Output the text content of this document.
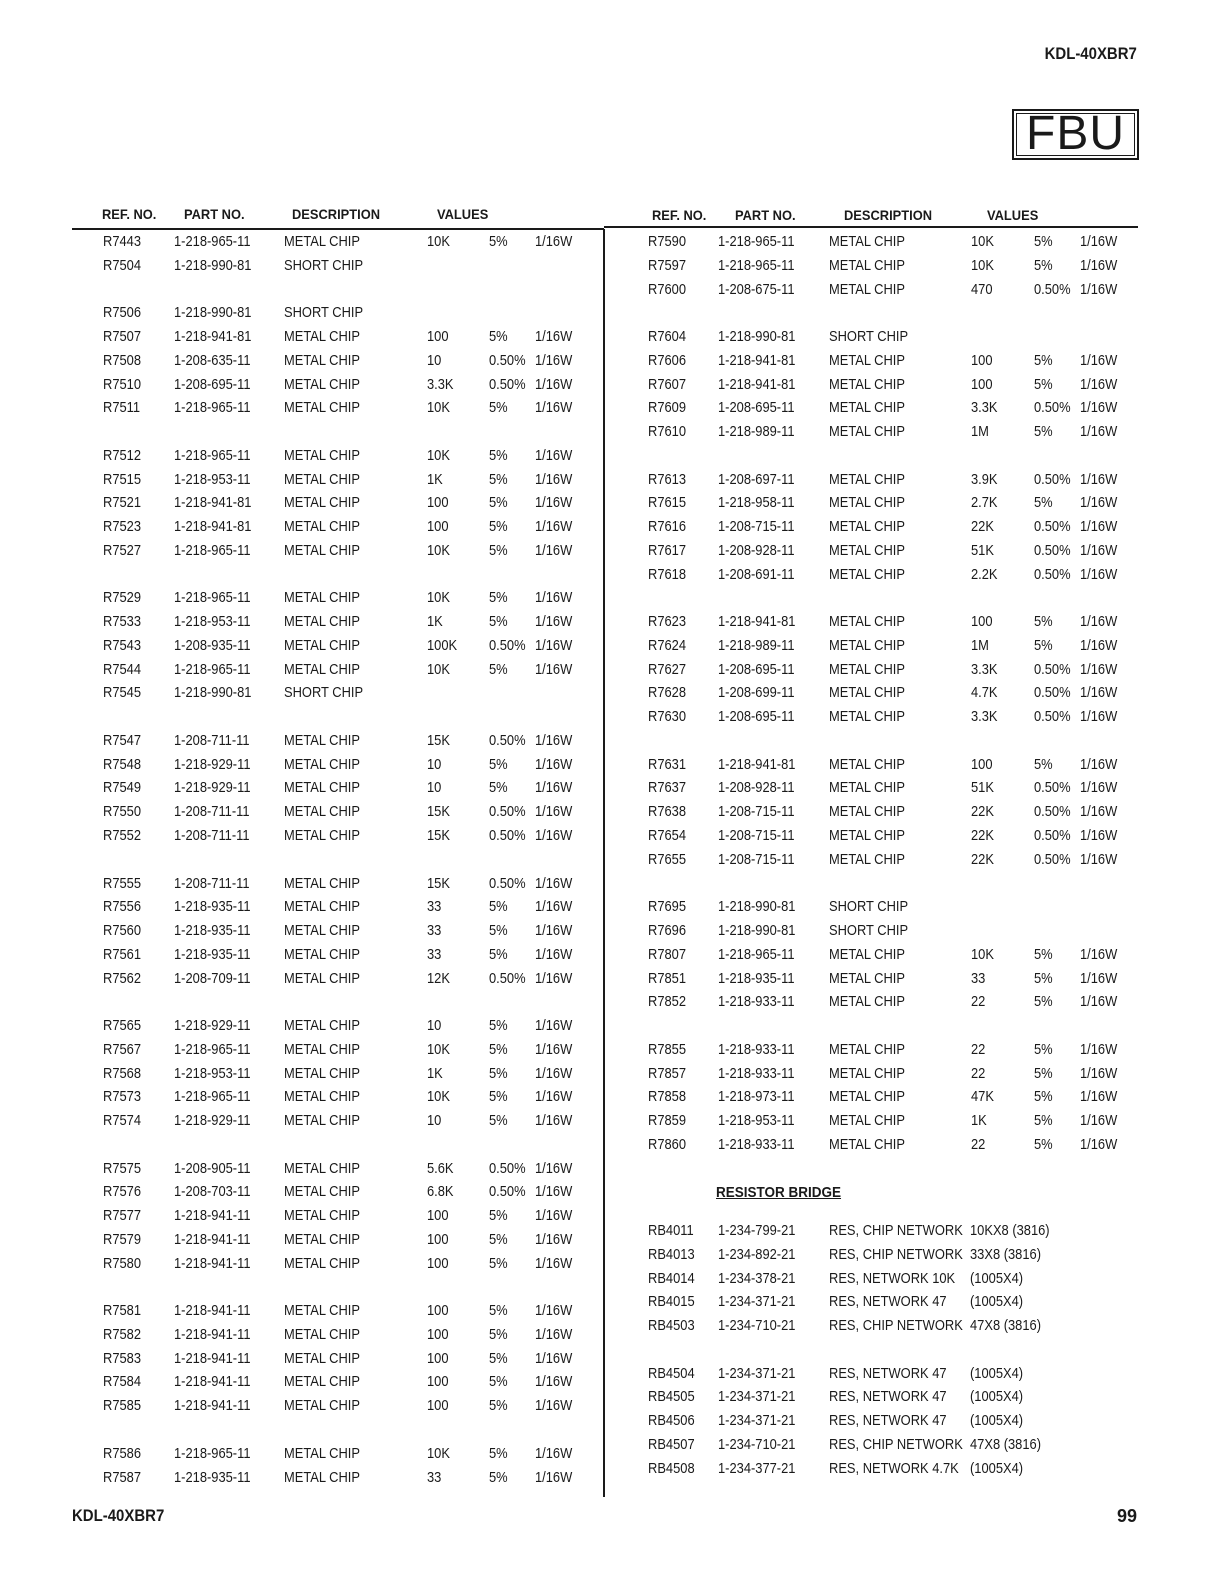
KDL-40XBR7
FBU
REF. NO. PART NO.	DESCRIPTION	VALUES	REF. NO. PART NO.	DESCRIPTION	VALUES
R7443 1-218-965-11 METAL CHIP	10K	5% 1/16W
R7504 1-218-990-81 SHORT CHIP
R7506 1-218-990-81 SHORT CHIP
R7507 1-218-941-81 METAL CHIP	100	5% 1/16W
R7508 1-208-635-11 METAL CHIP	10	0.50% 1/16W
R7510 1-208-695-11 METAL CHIP	3.3K 0.50% 1/16W
R7511 1-218-965-11 METAL CHIP	10K	5% 1/16W
R7512 1-218-965-11 METAL CHIP	10K	5% 1/16W
R7515 1-218-953-11 METAL CHIP	1K	5% 1/16W
R7521 1-218-941-81 METAL CHIP	100	5% 1/16W
R7523 1-218-941-81 METAL CHIP	100	5% 1/16W
R7527 1-218-965-11 METAL CHIP	10K	5% 1/16W
R7529 1-218-965-11 METAL CHIP	10K	5% 1/16W
R7533 1-218-953-11 METAL CHIP	1K	5% 1/16W
R7543 1-208-935-11 METAL CHIP	100K 0.50% 1/16W
R7544 1-218-965-11 METAL CHIP	10K	5% 1/16W
R7545 1-218-990-81 SHORT CHIP
R7547 1-208-711-11 METAL CHIP	15K	0.50% 1/16W
R7548 1-218-929-11 METAL CHIP	10	5% 1/16W
R7549 1-218-929-11 METAL CHIP	10	5% 1/16W
R7550 1-208-711-11 METAL CHIP	15K	0.50% 1/16W
R7552 1-208-711-11 METAL CHIP	15K	0.50% 1/16W
R7555 1-208-711-11 METAL CHIP	15K	0.50% 1/16W
R7556 1-218-935-11 METAL CHIP	33	5% 1/16W
R7560 1-218-935-11 METAL CHIP	33	5% 1/16W
R7561 1-218-935-11 METAL CHIP	33	5% 1/16W
R7562 1-208-709-11 METAL CHIP	12K	0.50% 1/16W
R7565 1-218-929-11 METAL CHIP	10	5% 1/16W
R7567 1-218-965-11 METAL CHIP	10K	5% 1/16W
R7568 1-218-953-11 METAL CHIP	1K	5% 1/16W
R7573 1-218-965-11 METAL CHIP	10K	5% 1/16W
R7574 1-218-929-11 METAL CHIP	10	5% 1/16W
R7575 1-208-905-11 METAL CHIP	5.6K 0.50% 1/16W
R7576 1-208-703-11 METAL CHIP	6.8K 0.50% 1/16W
R7577 1-218-941-11 METAL CHIP	100	5% 1/16W
R7579 1-218-941-11 METAL CHIP	100	5% 1/16W
R7580 1-218-941-11 METAL CHIP	100	5% 1/16W
R7581 1-218-941-11 METAL CHIP	100	5% 1/16W
R7582 1-218-941-11 METAL CHIP	100	5% 1/16W
R7583 1-218-941-11 METAL CHIP	100	5% 1/16W
R7584 1-218-941-11 METAL CHIP	100	5% 1/16W
R7585 1-218-941-11 METAL CHIP	100	5% 1/16W
R7586 1-218-965-11 METAL CHIP	10K	5% 1/16W
R7587 1-218-935-11 METAL CHIP	33	5% 1/16W
R7590 1-218-965-11 METAL CHIP	10K	5% 1/16W
R7597 1-218-965-11 METAL CHIP	10K	5% 1/16W
R7600 1-208-675-11 METAL CHIP	470	0.50% 1/16W
R7604 1-218-990-81 SHORT CHIP
R7606 1-218-941-81 METAL CHIP	100	5% 1/16W
R7607 1-218-941-81 METAL CHIP	100	5% 1/16W
R7609 1-208-695-11 METAL CHIP	3.3K 0.50% 1/16W
R7610 1-218-989-11 METAL CHIP	1M	5% 1/16W
R7613 1-208-697-11 METAL CHIP	3.9K 0.50% 1/16W
R7615 1-218-958-11 METAL CHIP	2.7K 5% 1/16W
R7616 1-208-715-11 METAL CHIP	22K	0.50% 1/16W
R7617 1-208-928-11 METAL CHIP	51K	0.50% 1/16W
R7618 1-208-691-11 METAL CHIP	2.2K 0.50% 1/16W
R7623 1-218-941-81 METAL CHIP	100	5% 1/16W
R7624 1-218-989-11 METAL CHIP	1M	5% 1/16W
R7627 1-208-695-11 METAL CHIP	3.3K 0.50% 1/16W
R7628 1-208-699-11 METAL CHIP	4.7K 0.50% 1/16W
R7630 1-208-695-11 METAL CHIP	3.3K 0.50% 1/16W
R7631 1-218-941-81 METAL CHIP	100	5% 1/16W
R7637 1-208-928-11 METAL CHIP	51K	0.50% 1/16W
R7638 1-208-715-11 METAL CHIP	22K	0.50% 1/16W
R7654 1-208-715-11 METAL CHIP	22K	0.50% 1/16W
R7655 1-208-715-11 METAL CHIP	22K	0.50% 1/16W
R7695 1-218-990-81 SHORT CHIP
R7696 1-218-990-81 SHORT CHIP
R7807 1-218-965-11 METAL CHIP	10K	5% 1/16W
R7851 1-218-935-11 METAL CHIP	33	5% 1/16W
R7852 1-218-933-11 METAL CHIP	22	5% 1/16W
R7855 1-218-933-11 METAL CHIP	22	5% 1/16W
R7857 1-218-933-11 METAL CHIP	22	5% 1/16W
R7858 1-218-973-11 METAL CHIP	47K	5% 1/16W
R7859 1-218-953-11 METAL CHIP	1K	5% 1/16W
R7860 1-218-933-11 METAL CHIP	22	5% 1/16W
RESISTOR BRIDGE
RB4011 1-234-799-21 RES, CHIP NETWORK 10KX8 (3816)
RB4013 1-234-892-21 RES, CHIP NETWORK 33X8 (3816)
RB4014 1-234-378-21 RES, NETWORK 10K (1005X4)
RB4015 1-234-371-21 RES, NETWORK 47 (1005X4)
RB4503 1-234-710-21 RES, CHIP NETWORK 47X8 (3816)
RB4504 1-234-371-21 RES, NETWORK 47 (1005X4)
RB4505 1-234-371-21 RES, NETWORK 47 (1005X4)
RB4506 1-234-371-21 RES, NETWORK 47 (1005X4)
RB4507 1-234-710-21 RES, CHIP NETWORK 47X8 (3816)
RB4508 1-234-377-21 RES, NETWORK 4.7K (1005X4)
KDL-40XBR7	99
